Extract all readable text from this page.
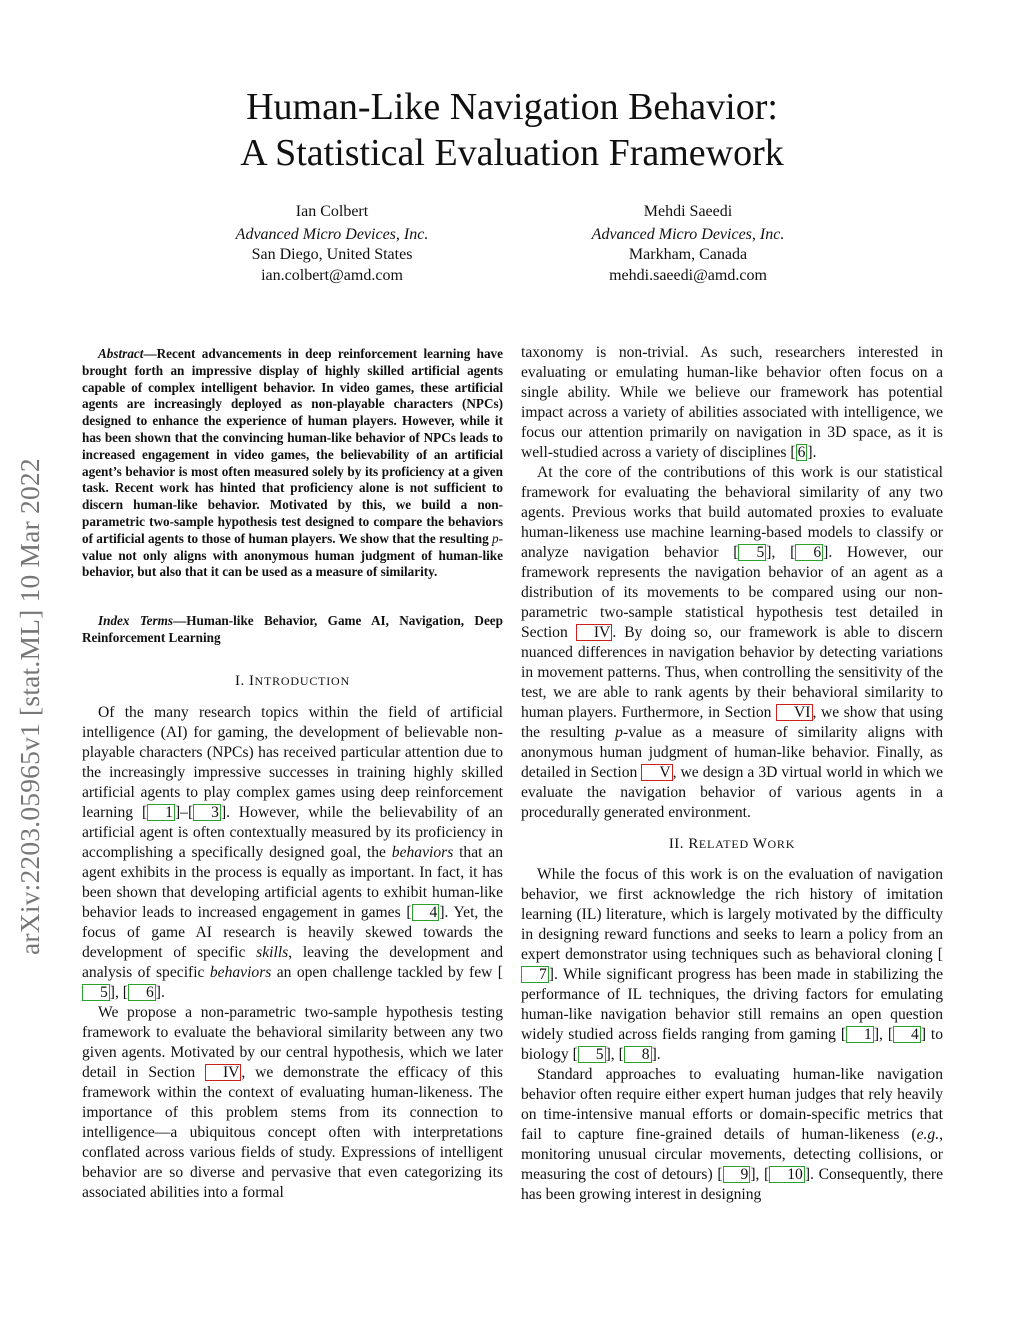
arXiv:2203.05965v1 [stat.ML] 10 Mar 2022
Human-Like Navigation Behavior:
A Statistical Evaluation Framework
Ian Colbert
Advanced Micro Devices, Inc.
San Diego, United States
ian.colbert@amd.com
Mehdi Saeedi
Advanced Micro Devices, Inc.
Markham, Canada
mehdi.saeedi@amd.com
Abstract—Recent advancements in deep reinforcement learning have brought forth an impressive display of highly skilled artificial agents capable of complex intelligent behavior. In video games, these artificial agents are increasingly deployed as non-playable characters (NPCs) designed to enhance the experience of human players. However, while it has been shown that the convincing human-like behavior of NPCs leads to increased engagement in video games, the believability of an artificial agent’s behavior is most often measured solely by its proficiency at a given task. Recent work has hinted that proficiency alone is not sufficient to discern human-like behavior. Motivated by this, we build a non-parametric two-sample hypothesis test designed to compare the behaviors of artificial agents to those of human players. We show that the resulting p-value not only aligns with anonymous human judgment of human-like behavior, but also that it can be used as a measure of similarity.
Index Terms—Human-like Behavior, Game AI, Navigation, Deep Reinforcement Learning
I. INTRODUCTION

Of the many research topics within the field of artificial intelligence (AI) for gaming, the development of believable non-playable characters (NPCs) has received particular attention due to the increasingly impressive successes in training highly skilled artificial agents to play complex games using deep reinforcement learning [ 1 ]–[ 3 ]. However, while the believability of an artificial agent is often contextually measured by its proficiency in accomplishing a specifically designed goal, the behaviors that an agent exhibits in the process is equally as important. In fact, it has been shown that developing artificial agents to exhibit human-like behavior leads to increased engagement in games [ 4 ]. Yet, the focus of game AI research is heavily skewed towards the development of specific skills, leaving the development and analysis of specific behaviors an open challenge tackled by few [5 ], [ 6 ].

We propose a non-parametric two-sample hypothesis testing framework to evaluate the behavioral similarity between any two given agents. Motivated by our central hypothesis, which we later detail in Section IV , we demonstrate the efficacy of this framework within the context of evaluating human-likeness. The importance of this problem stems from its connection to intelligence—a ubiquitous concept often with interpretations conflated across various fields of study. Expressions of intelligent behavior are so diverse and pervasive that even categorizing its associated abilities into a formal

taxonomy is non-trivial. As such, researchers interested in evaluating or emulating human-like behavior often focus on a single ability. While we believe our framework has potential impact across a variety of abilities associated with intelligence, we focus our attention primarily on navigation in 3D space, as it is well-studied across a variety of disciplines [ 6 ].

At the core of the contributions of this work is our statistical framework for evaluating the behavioral similarity of any two agents. Previous works that build automated proxies to evaluate human-likeness use machine learning-based models to classify or analyze navigation behavior [ 5 ], [ 6 ]. However, our framework represents the navigation behavior of an agent as a distribution of its movements to be compared using our non-parametric two-sample statistical hypothesis test detailed in Section IV . By doing so, our framework is able to discern nuanced differences in navigation behavior by detecting variations in movement patterns. Thus, when controlling the sensitivity of the test, we are able to rank agents by their behavioral similarity to human players. Furthermore, in Section VI , we show that using the resulting p-value as a measure of similarity aligns with anonymous human judgment of human-like behavior. Finally, as detailed in Section V , we design a 3D virtual world in which we evaluate the navigation behavior of various agents in a procedurally generated environment.

II. RELATED WORK

While the focus of this work is on the evaluation of navigation behavior, we first acknowledge the rich history of imitation learning (IL) literature, which is largely motivated by the difficulty in designing reward functions and seeks to learn a policy from an expert demonstrator using techniques such as behavioral cloning [7 ]. While significant progress has been made in stabilizing the performance of IL techniques, the driving factors for emulating human-like navigation behavior still remains an open question widely studied across fields ranging from gaming [ 1 ], [ 4 ] to biology [ 5 ], [ 8 ].

Standard approaches to evaluating human-like navigation behavior often require either expert human judges that rely heavily on time-intensive manual efforts or domain-specific metrics that fail to capture fine-grained details of human-likeness (e.g., monitoring unusual circular movements, detecting collisions, or measuring the cost of detours) [ 9 ], [ 10 ]. Consequently, there has been growing interest in designing
